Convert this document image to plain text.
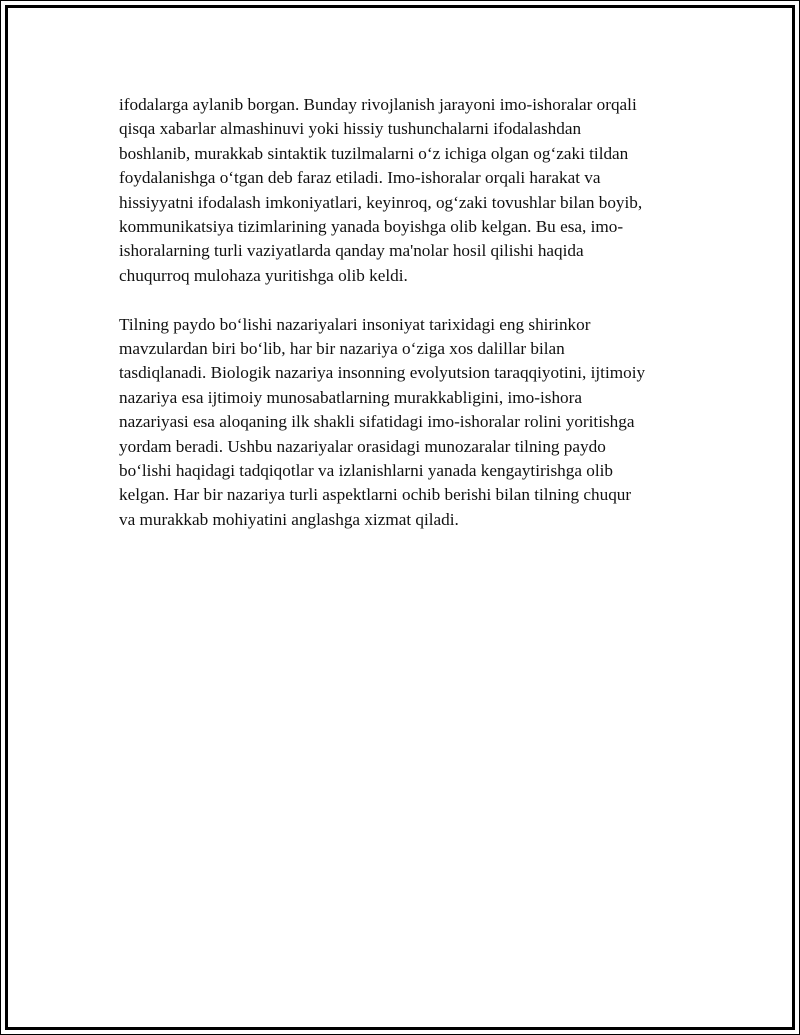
ifodalarga aylanib borgan. Bunday rivojlanish jarayoni imo-ishoralar orqali
qisqa xabarlar almashinuvi yoki hissiy tushunchalarni ifodalashdan
boshlanib, murakkab sintaktik tuzilmalarni o‘z ichiga olgan og‘zaki tildan
foydalanishga o‘tgan deb faraz etiladi. Imo-ishoralar orqali harakat va
hissiyyatni ifodalash imkoniyatlari, keyinroq, og‘zaki tovushlar bilan boyib,
kommunikatsiya tizimlarining yanada boyishga olib kelgan. Bu esa, imo-
ishoralarning turli vaziyatlarda qanday ma'nolar hosil qilishi haqida
chuqurroq mulohaza yuritishga olib keldi.

Tilning paydo bo‘lishi nazariyalari insoniyat tarixidagi eng shirinkor
mavzulardan biri bo‘lib, har bir nazariya o‘ziga xos dalillar bilan
tasdiqlanadi. Biologik nazariya insonning evolyutsion taraqqiyotini, ijtimoiy
nazariya esa ijtimoiy munosabatlarning murakkabligini, imo-ishora
nazariyasi esa aloqaning ilk shakli sifatidagi imo-ishoralar rolini yoritishga
yordam beradi. Ushbu nazariyalar orasidagi munozaralar tilning paydo
bo‘lishi haqidagi tadqiqotlar va izlanishlarni yanada kengaytirishga olib
kelgan. Har bir nazariya turli aspektlarni ochib berishi bilan tilning chuqur
va murakkab mohiyatini anglashga xizmat qiladi.
